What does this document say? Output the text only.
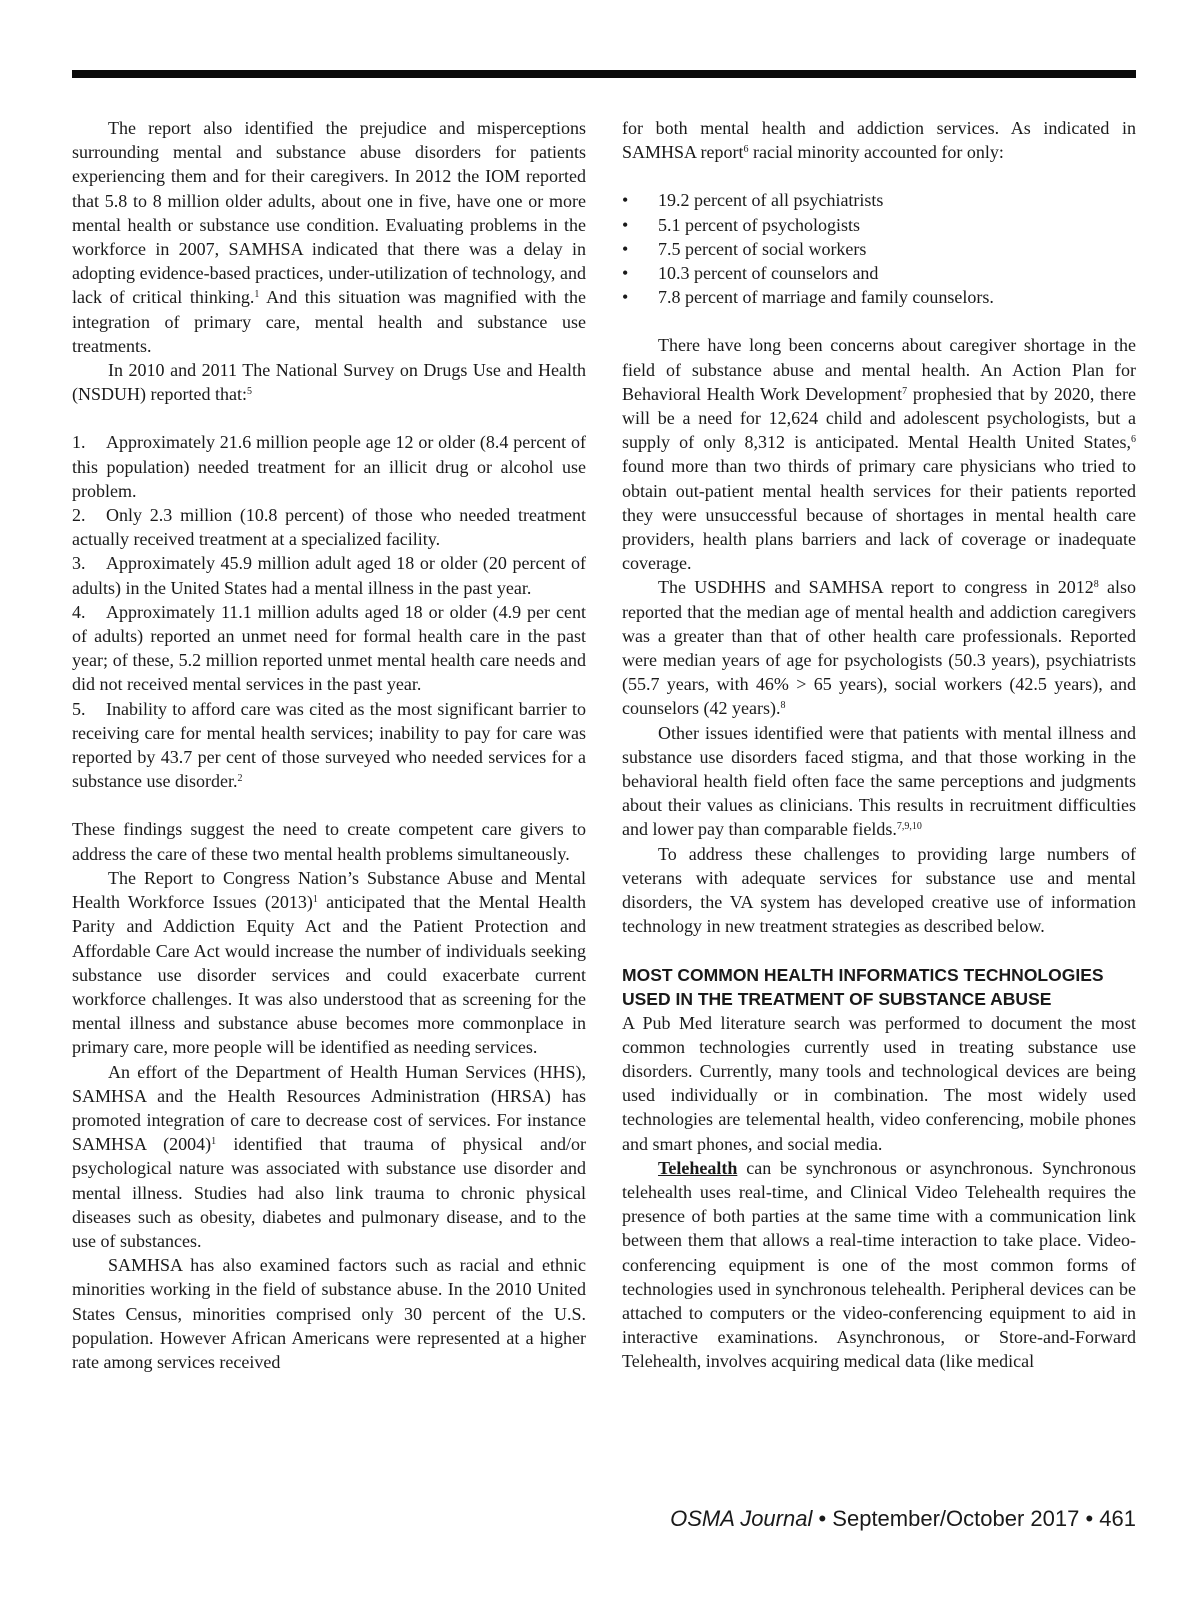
The report also identified the prejudice and misperceptions surrounding mental and substance abuse disorders for patients experiencing them and for their caregivers. In 2012 the IOM reported that 5.8 to 8 million older adults, about one in five, have one or more mental health or substance use condition. Evaluating problems in the workforce in 2007, SAMHSA indicated that there was a delay in adopting evidence-based practices, under-utilization of technology, and lack of critical thinking.$^1$ And this situation was magnified with the integration of primary care, mental health and substance use treatments.

In 2010 and 2011 The National Survey on Drugs Use and Health (NSDUH) reported that:$^5$

1. Approximately 21.6 million people age 12 or older (8.4 percent of this population) needed treatment for an illicit drug or alcohol use problem.
2. Only 2.3 million (10.8 percent) of those who needed treatment actually received treatment at a specialized facility.
3. Approximately 45.9 million adult aged 18 or older (20 percent of adults) in the United States had a mental illness in the past year.
4. Approximately 11.1 million adults aged 18 or older (4.9 per cent of adults) reported an unmet need for formal health care in the past year; of these, 5.2 million reported unmet mental health care needs and did not received mental services in the past year.
5. Inability to afford care was cited as the most significant barrier to receiving care for mental health services; inability to pay for care was reported by 43.7 per cent of those surveyed who needed services for a substance use disorder.$^2$

These findings suggest the need to create competent care givers to address the care of these two mental health problems simultaneously.

The Report to Congress Nation’s Substance Abuse and Mental Health Workforce Issues $(2013)^1$ anticipated that the Mental Health Parity and Addiction Equity Act and the Patient Protection and Affordable Care Act would increase the number of individuals seeking substance use disorder services and could exacerbate current workforce challenges. It was also understood that as screening for the mental illness and substance abuse becomes more commonplace in primary care, more people will be identified as needing services.

An effort of the Department of Health Human Services (HHS), SAMHSA and the Health Resources Administration (HRSA) has promoted integration of care to decrease cost of services. For instance SAMHSA $(2004)^1$ identified that trauma of physical and/or psychological nature was associated with substance use disorder and mental illness. Studies had also link trauma to chronic physical diseases such as obesity, diabetes and pulmonary disease, and to the use of substances.

SAMHSA has also examined factors such as racial and ethnic minorities working in the field of substance abuse. In the 2010 United States Census, minorities comprised only 30 percent of the U.S. population. However African Americans were represented at a higher rate among services received

for both mental health and addiction services. As indicated in SAMHSA report$^6$ racial minority accounted for only:

• 19.2 percent of all psychiatrists
• 5.1 percent of psychologists
• 7.5 percent of social workers
• 10.3 percent of counselors and
• 7.8 percent of marriage and family counselors.

There have long been concerns about caregiver shortage in the field of substance abuse and mental health. An Action Plan for Behavioral Health Work Development$^7$ prophesied that by 2020, there will be a need for 12,624 child and adolescent psychologists, but a supply of only 8,312 is anticipated. Mental Health United States,$^6$ found more than two thirds of primary care physicians who tried to obtain out-patient mental health services for their patients reported they were unsuccessful because of shortages in mental health care providers, health plans barriers and lack of coverage or inadequate coverage.

The USDHHS and SAMHSA report to congress in 2012$^8$ also reported that the median age of mental health and addiction caregivers was a greater than that of other health care professionals. Reported were median years of age for psychologists (50.3 years), psychiatrists (55.7 years, with 46% > 65 years), social workers (42.5 years), and counselors (42 years).$^8$

Other issues identified were that patients with mental illness and substance use disorders faced stigma, and that those working in the behavioral health field often face the same perceptions and judgments about their values as clinicians. This results in recruitment difficulties and lower pay than comparable fields.$^{7,9,10}$

To address these challenges to providing large numbers of veterans with adequate services for substance use and mental disorders, the VA system has developed creative use of information technology in new treatment strategies as described below.

MOST COMMON HEALTH INFORMATICS TECHNOLOGIES USED IN THE TREATMENT OF SUBSTANCE ABUSE

A Pub Med literature search was performed to document the most common technologies currently used in treating substance use disorders. Currently, many tools and technological devices are being used individually or in combination. The most widely used technologies are telemental health, video conferencing, mobile phones and smart phones, and social media.

Telehealth can be synchronous or asynchronous. Synchronous telehealth uses real-time, and Clinical Video Telehealth requires the presence of both parties at the same time with a communication link between them that allows a real-time interaction to take place. Video-conferencing equipment is one of the most common forms of technologies used in synchronous telehealth. Peripheral devices can be attached to computers or the video-conferencing equipment to aid in interactive examinations. Asynchronous, or Store-and-Forward Telehealth, involves acquiring medical data (like medical

OSMA Journal • September/October 2017 • 461
